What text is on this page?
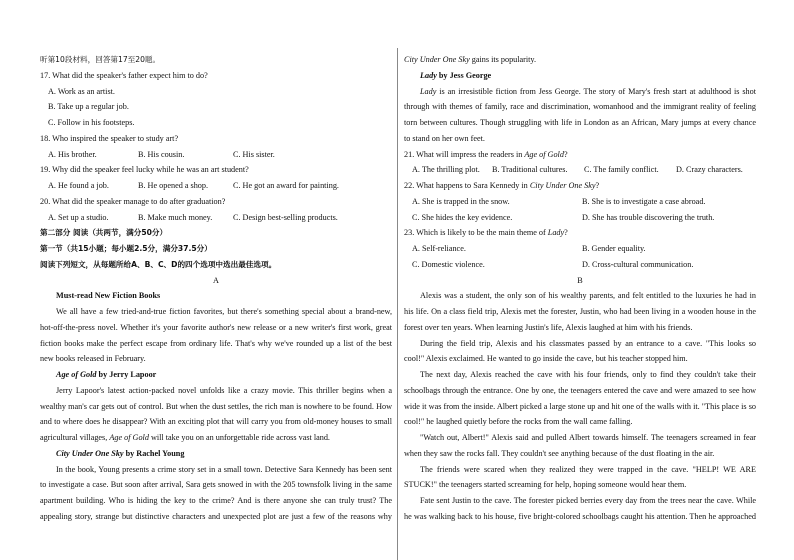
听第10段材料，回答第17至20题。
17. What did the speaker's father expect him to do?
A. Work as an artist.
B. Take up a regular job.
C. Follow in his footsteps.
18. Who inspired the speaker to study art?
A. His brother.	B. His cousin.	C. His sister.
19. Why did the speaker feel lucky while he was an art student?
A. He found a job.	B. He opened a shop.	C. He got an award for painting.
20. What did the speaker manage to do after graduation?
A. Set up a studio.	B. Make much money.	C. Design best-selling products.
第二部分 阅读（共两节，满分50分）
第一节（共15小题；每小题2.5分，满分37.5分）
阅读下列短文，从每题所给A、B、C、D的四个选项中选出最佳选项。
A
Must-read New Fiction Books
We all have a few tried-and-true fiction favorites, but there's something special about a brand-new,
hot-off-the-press novel. Whether it's your favorite author's new release or a new writer's first work, great
fiction books make the perfect escape from ordinary life. That's why we've rounded up a list of the best
new books released in February.
Age of Gold by Jerry Lapoor
Jerry Lapoor's latest action-packed novel unfolds like a crazy movie. This thriller begins when a
wealthy man's car gets out of control. But when the dust settles, the rich man is nowhere to be found. How
and to where does he disappear? With an exciting plot that will carry you from old-money houses to small
agricultural villages, Age of Gold will take you on an unforgettable ride across vast land.
City Under One Sky by Rachel Young
In the book, Young presents a crime story set in a small town. Detective Sara Kennedy has been sent
to investigate a case. But soon after arrival, Sara gets snowed in with the 205 townsfolk living in the same
apartment building. Who is hiding the key to the crime? And is there anyone she can truly trust? The
appealing story, strange but distinctive characters and unexpected plot are just a few of the reasons why
City Under One Sky gains its popularity.
Lady by Jess George
Lady is an irresistible fiction from Jess George. The story of Mary's fresh start at adulthood is shot
through with themes of family, race and discrimination, womanhood and the immigrant reality of feeling
torn between cultures. Though struggling with life in London as an African, Mary jumps at every chance
to stand on her own feet.
21. What will impress the readers in Age of Gold?
A. The thrilling plot.	B. Traditional cultures.	C. The family conflict.	D. Crazy characters.
22. What happens to Sara Kennedy in City Under One Sky?
A. She is trapped in the snow.	B. She is to investigate a case abroad.
C. She hides the key evidence.	D. She has trouble discovering the truth.
23. Which is likely to be the main theme of Lady?
A. Self-reliance.	B. Gender equality.
C. Domestic violence.	D. Cross-cultural communication.
B
Alexis was a student, the only son of his wealthy parents, and felt entitled to the luxuries he had in
his life. On a class field trip, Alexis met the forester, Justin, who had been living in a wooden house in the
forest over ten years. When learning Justin's life, Alexis laughed at him with his friends.
During the field trip, Alexis and his classmates passed by an entrance to a cave. "This looks so
cool!" Alexis exclaimed. He wanted to go inside the cave, but his teacher stopped him.
The next day, Alexis reached the cave with his four friends, only to find they couldn't take their
schoolbags through the entrance. One by one, the teenagers entered the cave and were amazed to see how
wide it was from the inside. Albert picked a large stone up and hit one of the walls with it. "This place is so
cool!" he laughed quietly before the rocks from the wall came falling.
"Watch out, Albert!" Alexis said and pulled Albert towards himself. The teenagers screamed in fear
when they saw the rocks fall. They couldn't see anything because of the dust floating in the air.
The friends were scared when they realized they were trapped in the cave. "HELP! WE ARE
STUCK!" the teenagers started screaming for help, hoping someone would hear them.
Fate sent Justin to the cave. The forester picked berries every day from the trees near the cave. While
he was walking back to his house, five bright-colored schoolbags caught his attention. Then he approached
